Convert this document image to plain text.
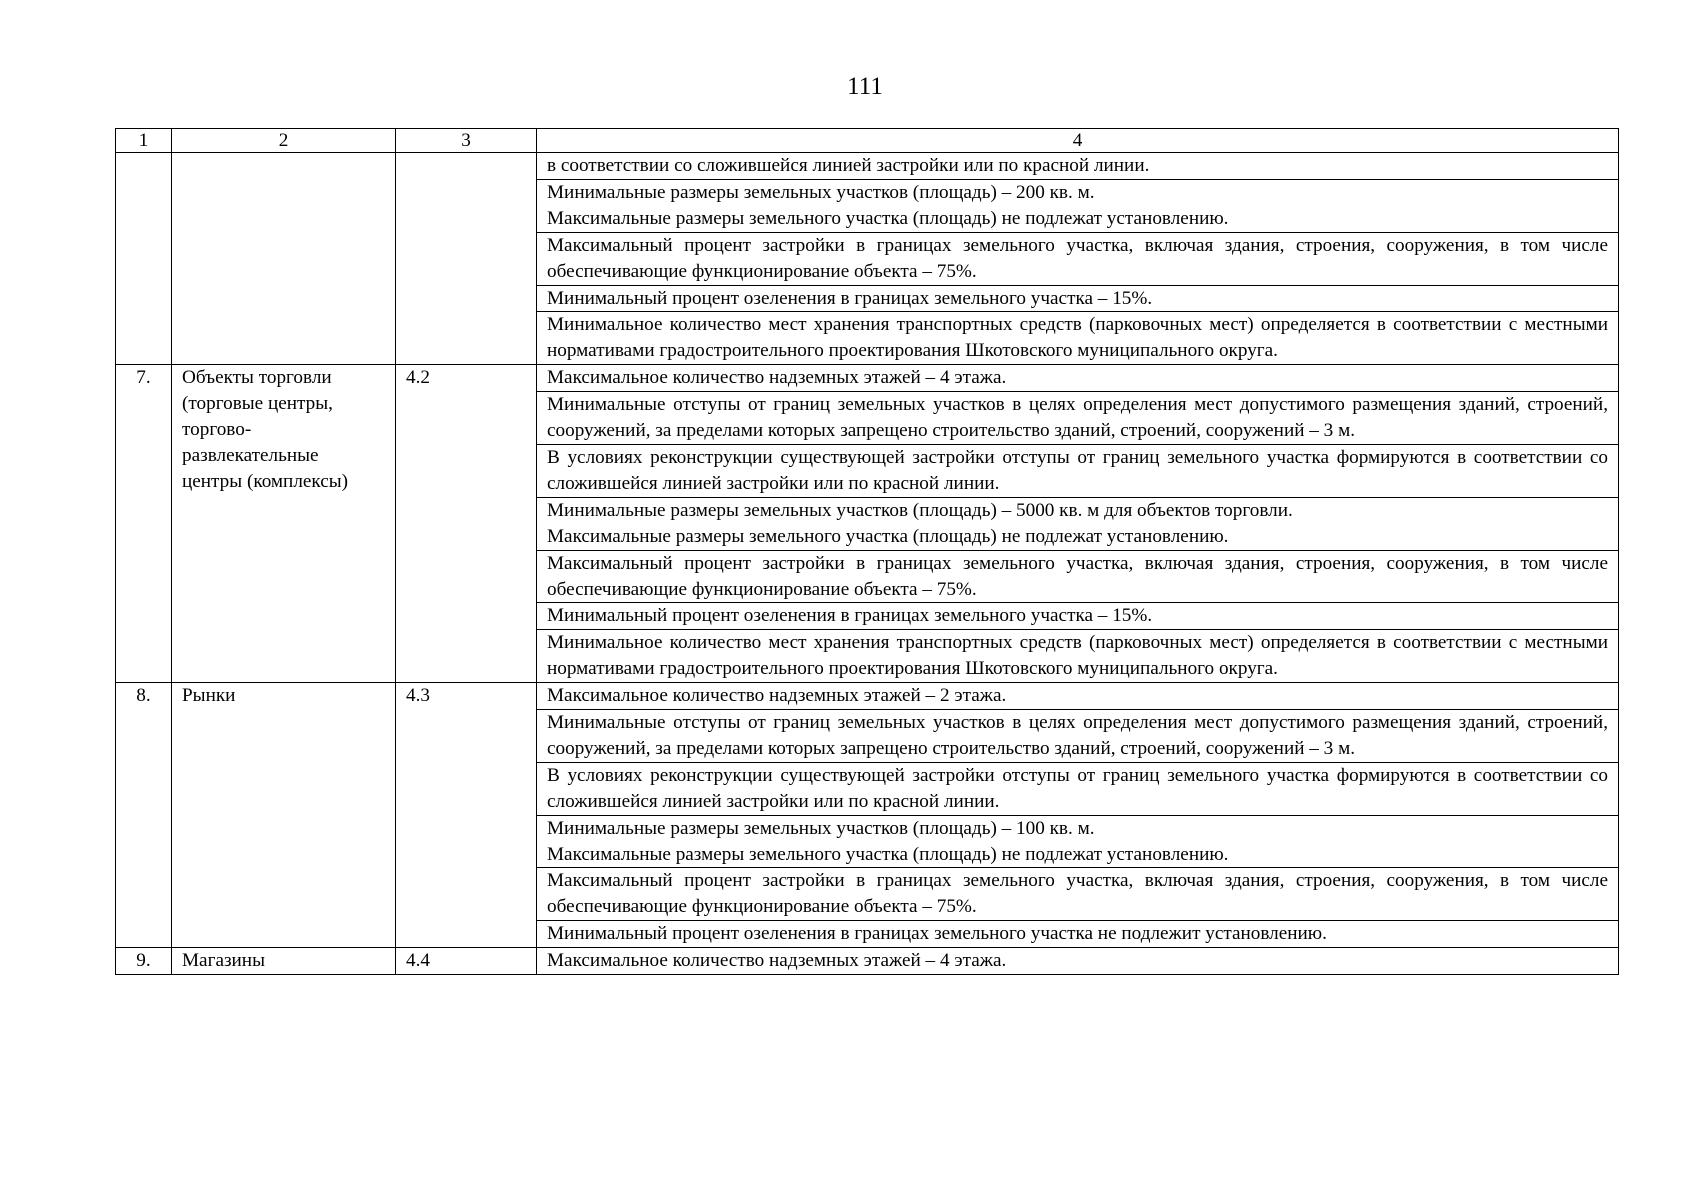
111
1	2	3	4
			в соответствии со сложившейся линией застройки или по красной линии.

			Минимальные размеры земельных участков (площадь) – 200 кв. м.
Максимальные размеры земельного участка (площадь) не подлежат установлению.

			Максимальный процент застройки в границах земельного участка, включая здания, строения, сооружения, в том числе обеспечивающие функционирование объекта – 75%.
			Минимальный процент озеленения в границах земельного участка – 15%.
			Минимальное количество мест хранения транспортных средств (парковочных мест) определяется в соответствии с местными нормативами градостроительного проектирования Шкотовского муниципального округа.
7.	Объекты торговли
(торговые центры,
торгово-
развлекательные
центры (комплексы)	4.2	Максимальное количество надземных этажей – 4 этажа.
			Минимальные отступы от границ земельных участков в целях определения мест допустимого размещения зданий, строений, сооружений, за пределами которых запрещено строительство зданий, строений, сооружений – 3 м.
			В условиях реконструкции существующей застройки отступы от границ земельного участка формируются в соответствии со сложившейся линией застройки или по красной линии.

			Минимальные размеры земельных участков (площадь) – 5000 кв. м для объектов торговли.
Максимальные размеры земельного участка (площадь) не подлежат установлению.

			Максимальный процент застройки в границах земельного участка, включая здания, строения, сооружения, в том числе обеспечивающие функционирование объекта – 75%.
			Минимальный процент озеленения в границах земельного участка – 15%.
			Минимальное количество мест хранения транспортных средств (парковочных мест) определяется в соответствии с местными нормативами градостроительного проектирования Шкотовского муниципального округа.
8.	Рынки	4.3	Максимальное количество надземных этажей – 2 этажа.
			Минимальные отступы от границ земельных участков в целях определения мест допустимого размещения зданий, строений, сооружений, за пределами которых запрещено строительство зданий, строений, сооружений – 3 м.
			В условиях реконструкции существующей застройки отступы от границ земельного участка формируются в соответствии со сложившейся линией застройки или по красной линии.

			Минимальные размеры земельных участков (площадь) – 100 кв. м.
Максимальные размеры земельного участка (площадь) не подлежат установлению.

			Максимальный процент застройки в границах земельного участка, включая здания, строения, сооружения, в том числе обеспечивающие функционирование объекта – 75%.
			Минимальный процент озеленения в границах земельного участка не подлежит установлению.
9.	Магазины	4.4	Максимальное количество надземных этажей – 4 этажа.
